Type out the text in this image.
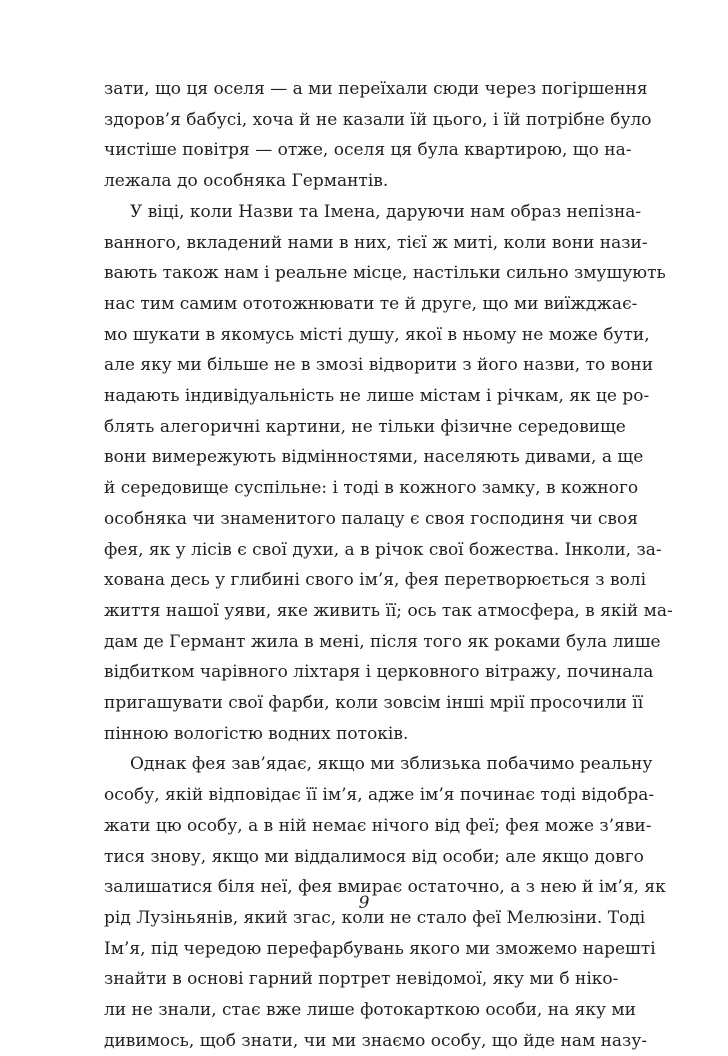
зати, що ця оселя — а ми переїхали сюди через погіршення
здоров’я бабусі, хоча й не казали їй цього, і їй потрібне було
чистіше повітря — отже, оселя ця була квартирою, що на-
лежала до особняка Германтів.
У віці, коли Назви та Імена, даруючи нам образ непізна-
ванного, вкладений нами в них, тієї ж миті, коли вони нази-
вають також нам і реальне місце, настільки сильно змушують
нас тим самим ототожнювати те й друге, що ми виїжджає-
мо шукати в якомусь місті душу, якої в ньому не може бути,
але яку ми більше не в змозі відворити з його назви, то вони
надають індивідуальність не лише містам і річкам, як це ро-
блять алегоричні картини, не тільки фізичне середовище
вони вимережують відмінностями, населяють дивами, а ще
й середовище суспільне: і тоді в кожного замку, в кожного
особняка чи знаменитого палацу є своя господиня чи своя
фея, як у лісів є свої духи, а в річок свої божества. Інколи, за-
хована десь у глибині свого ім’я, фея перетворюється з волі
життя нашої уяви, яке живить її; ось так атмосфера, в якій ма-
дам де Германт жила в мені, після того як роками була лише
відбитком чарівного ліхтаря і церковного вітражу, починала
пригашувати свої фарби, коли зовсім інші мрії просочили її
пінною вологістю водних потоків.
Однак фея зав’ядає, якщо ми зблизька побачимо реальну
особу, якій відповідає її ім’я, адже ім’я починає тоді відобра-
жати цю особу, а в ній немає нічого від феї; фея може з’яви-
тися знову, якщо ми віддалимося від особи; але якщо довго
залишатися біля неї, фея вмирає остаточно, а з нею й ім’я, як
рід Лузіньянів, який згас, коли не стало феї Мелюзіни. Тоді
Ім’я, під чередою перефарбувань якого ми зможемо нарешті
знайти в основі гарний портрет невідомої, яку ми б ніко-
ли не знали, стає вже лише фотокарткою особи, на яку ми
дивимось, щоб знати, чи ми знаємо особу, що йде нам назу-
9
